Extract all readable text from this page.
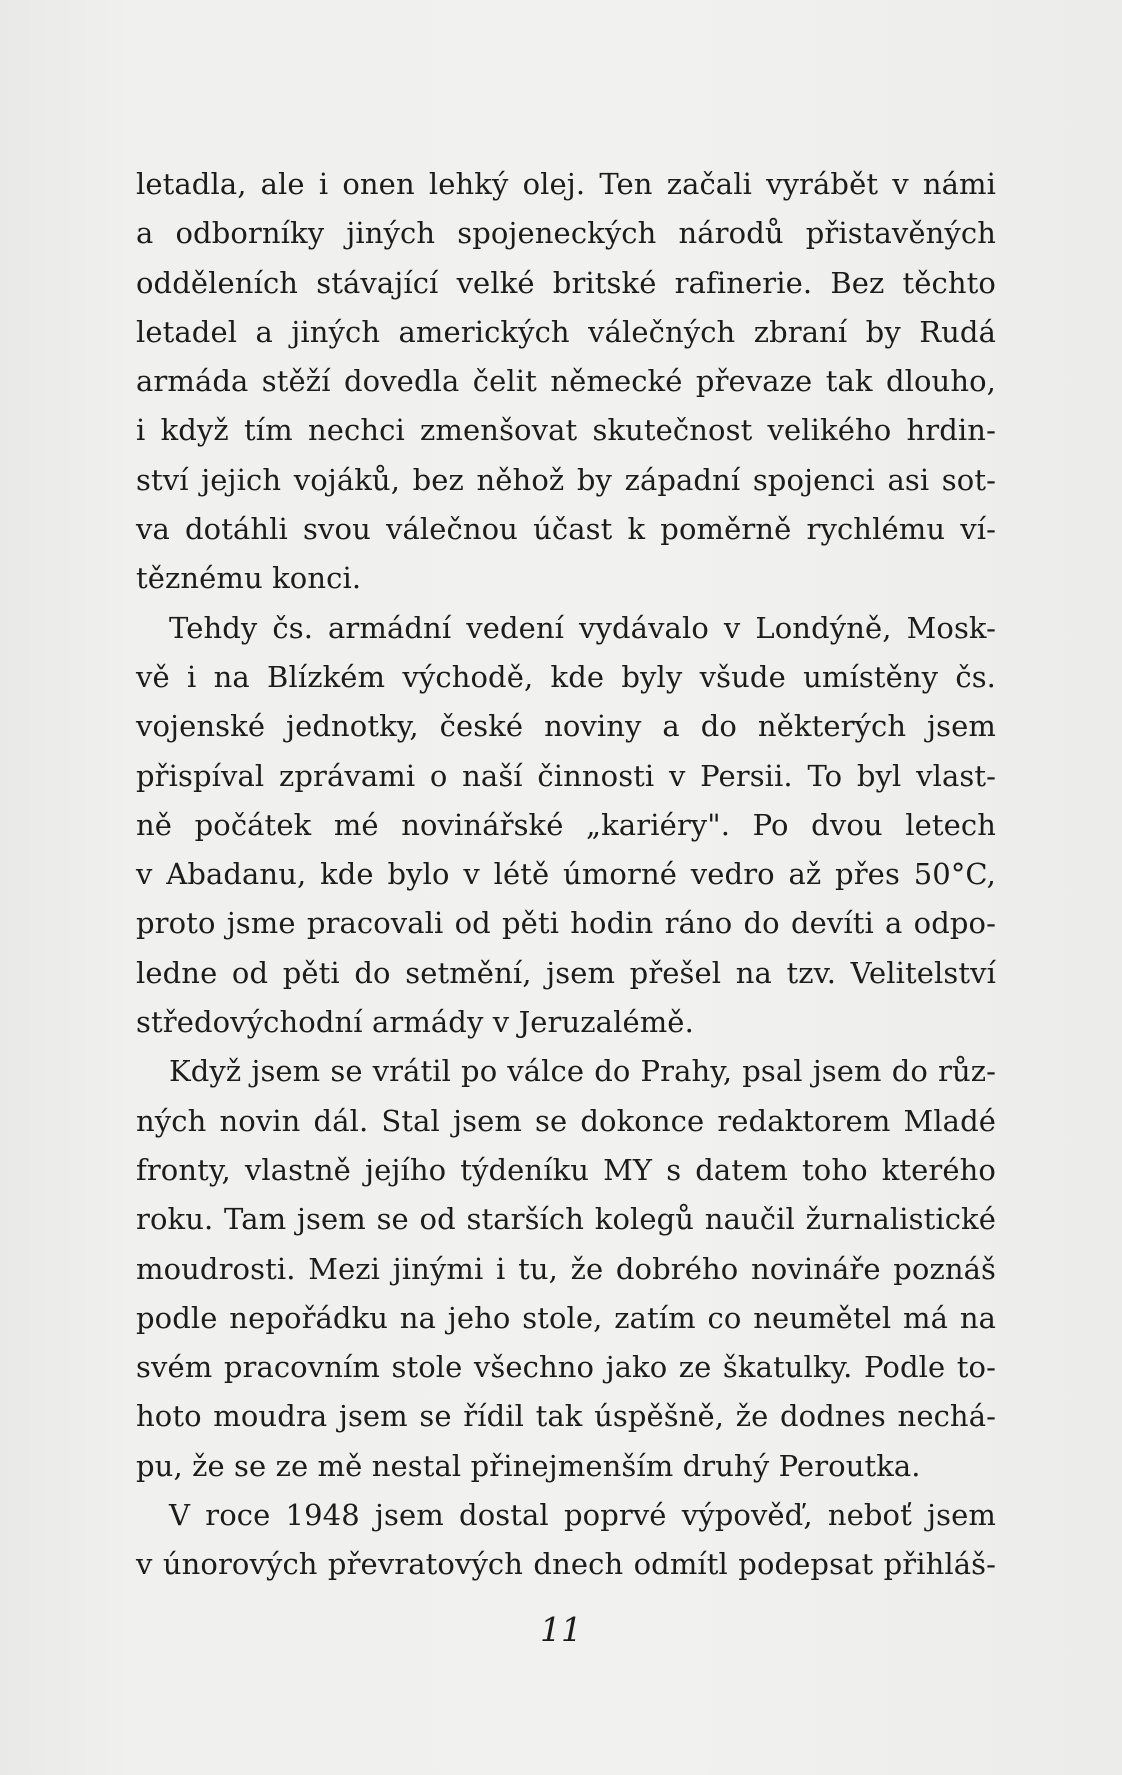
letadla, ale i onen lehký olej. Ten začali vyrábět v námi
a odborníky jiných spojeneckých národů přistavěných
odděleních stávající velké britské rafinerie. Bez těchto
letadel a jiných amerických válečných zbraní by Rudá
armáda stěží dovedla čelit německé převaze tak dlouho,
i když tím nechci zmenšovat skutečnost velikého hrdin-
ství jejich vojáků, bez něhož by západní spojenci asi sot-
va dotáhli svou válečnou účast k poměrně rychlému ví-
těznému konci.
Tehdy čs. armádní vedení vydávalo v Londýně, Mosk-
vě i na Blízkém východě, kde byly všude umístěny čs.
vojenské jednotky, české noviny a do některých jsem
přispíval zprávami o naší činnosti v Persii. To byl vlast-
ně počátek mé novinářské „kariéry". Po dvou letech
v Abadanu, kde bylo v létě úmorné vedro až přes 50°C,
proto jsme pracovali od pěti hodin ráno do devíti a odpo-
ledne od pěti do setmění, jsem přešel na tzv. Velitelství
středovýchodní armády v Jeruzalémě.
Když jsem se vrátil po válce do Prahy, psal jsem do růz-
ných novin dál. Stal jsem se dokonce redaktorem Mladé
fronty, vlastně jejího týdeníku MY s datem toho kterého
roku. Tam jsem se od starších kolegů naučil žurnalistické
moudrosti. Mezi jinými i tu, že dobrého novináře poznáš
podle nepořádku na jeho stole, zatím co neumětel má na
svém pracovním stole všechno jako ze škatulky. Podle to-
hoto moudra jsem se řídil tak úspěšně, že dodnes nechá-
pu, že se ze mě nestal přinejmenším druhý Peroutka.
V roce 1948 jsem dostal poprvé výpověď, neboť jsem
v únorových převratových dnech odmítl podepsat přihláš-
11
